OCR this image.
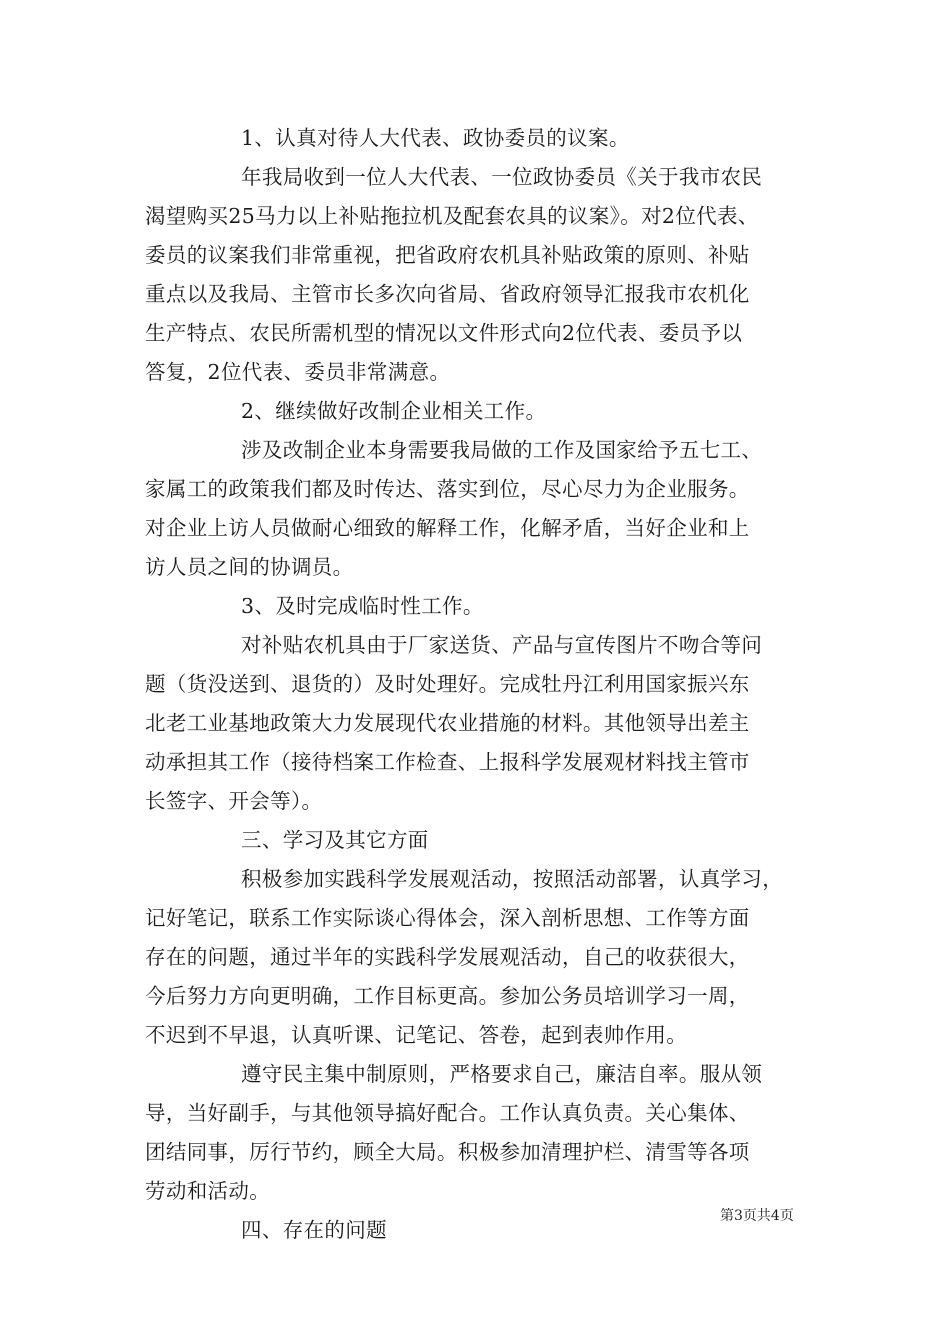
1、认真对待人大代表、政协委员的议案。
年我局收到一位人大代表、一位政协委员《关于我市农民
渴望购买25马力以上补贴拖拉机及配套农具的议案》。对2位代表、
委员的议案我们非常重视，把省政府农机具补贴政策的原则、补贴
重点以及我局、主管市长多次向省局、省政府领导汇报我市农机化
生产特点、农民所需机型的情况以文件形式向2位代表、委员予以
答复，2位代表、委员非常满意。
2、继续做好改制企业相关工作。
涉及改制企业本身需要我局做的工作及国家给予五七工、
家属工的政策我们都及时传达、落实到位，尽心尽力为企业服务。
对企业上访人员做耐心细致的解释工作，化解矛盾，当好企业和上
访人员之间的协调员。
3、及时完成临时性工作。
对补贴农机具由于厂家送货、产品与宣传图片不吻合等问
题（货没送到、退货的）及时处理好。完成牡丹江利用国家振兴东
北老工业基地政策大力发展现代农业措施的材料。其他领导出差主
动承担其工作（接待档案工作检查、上报科学发展观材料找主管市
长签字、开会等）。
三、学习及其它方面
积极参加实践科学发展观活动，按照活动部署，认真学习，
记好笔记，联系工作实际谈心得体会，深入剖析思想、工作等方面
存在的问题，通过半年的实践科学发展观活动，自己的收获很大，
今后努力方向更明确，工作目标更高。参加公务员培训学习一周，
不迟到不早退，认真听课、记笔记、答卷，起到表帅作用。
遵守民主集中制原则，严格要求自己，廉洁自率。服从领
导，当好副手，与其他领导搞好配合。工作认真负责。关心集体、
团结同事，厉行节约，顾全大局。积极参加清理护栏、清雪等各项
劳动和活动。
四、存在的问题
第3页共4页
